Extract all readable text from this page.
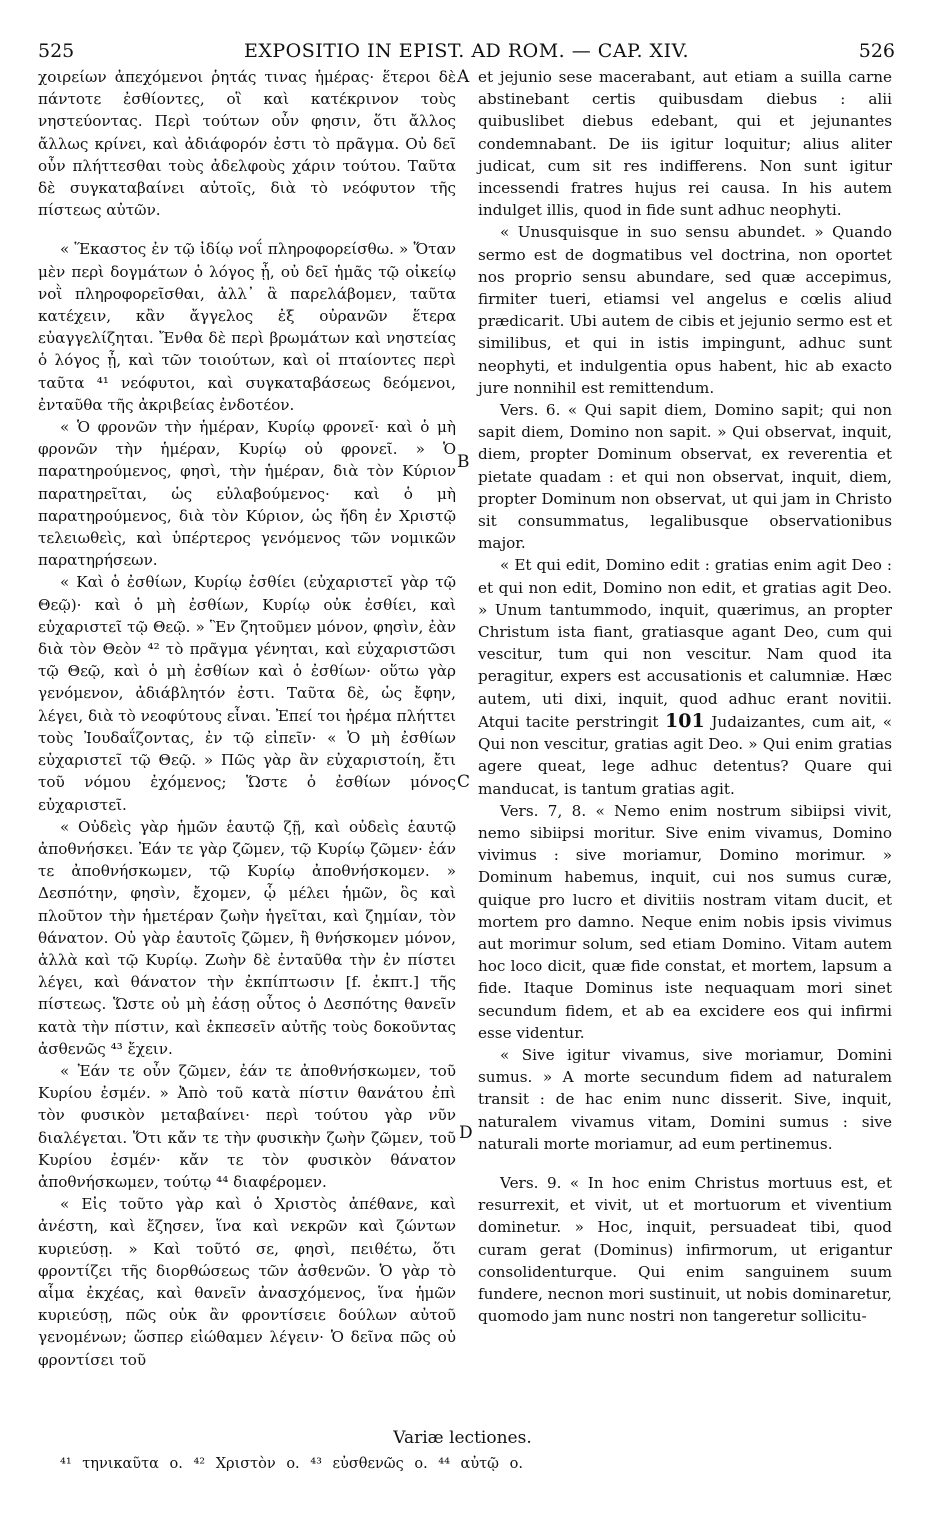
525	EXPOSITIO IN EPIST. AD ROM. — CAP. XIV.	526

χοιρείων ἀπεχόμενοι ῥητάς τινας ἡμέρας· ἕτεροι δὲ πάντοτε ἐσθίοντες, οἳ καὶ κατέκρινον τοὺς νηστεύοντας. Περὶ τούτων οὖν φησιν, ὅτι ἄλλος ἄλλως κρίνει, καὶ ἀδιάφορόν ἐστι τὸ πρᾶγμα. Οὐ δεῖ οὖν πλήττεσθαι τοὺς ἀδελφοὺς χάριν τούτου. Ταῦτα δὲ συγκαταβαίνει αὐτοῖς, διὰ τὸ νεόφυτον τῆς πίστεως αὐτῶν.

« Ἕκαστος ἐν τῷ ἰδίῳ νοΐ πληροφορείσθω. » Ὅταν μὲν περὶ δογμάτων ὁ λόγος ᾖ, οὐ δεῖ ἡμᾶς τῷ οἰκείῳ νοῒ πληροφορεῖσθαι, ἀλλ᾽ ἃ παρελάβομεν, ταῦτα κατέχειν, κἂν ἄγγελος ἐξ οὐρανῶν ἕτερα εὐαγγελίζηται. Ἔνθα δὲ περὶ βρωμάτων καὶ νηστείας ὁ λόγος ᾖ, καὶ τῶν τοιούτων, καὶ οἱ πταίοντες περὶ ταῦτα ⁴¹ νεόφυτοι, καὶ συγκαταβάσεως δεόμενοι, ἐνταῦθα τῆς ἀκριβείας ἐνδοτέον.

« Ὁ φρονῶν τὴν ἡμέραν, Κυρίῳ φρονεῖ· καὶ ὁ μὴ φρονῶν τὴν ἡμέραν, Κυρίῳ οὐ φρονεῖ. » Ὁ παρατηρούμενος, φησὶ, τὴν ἡμέραν, διὰ τὸν Κύριον παρατηρεῖται, ὡς εὐλαβούμενος· καὶ ὁ μὴ παρατηρούμενος, διὰ τὸν Κύριον, ὡς ἤδη ἐν Χριστῷ τελειωθεὶς, καὶ ὑπέρτερος γενόμενος τῶν νομικῶν παρατηρήσεων.

« Καὶ ὁ ἐσθίων, Κυρίῳ ἐσθίει (εὐχαριστεῖ γὰρ τῷ Θεῷ)· καὶ ὁ μὴ ἐσθίων, Κυρίῳ οὐκ ἐσθίει, καὶ εὐχαριστεῖ τῷ Θεῷ. » Ἓν ζητοῦμεν μόνον, φησὶν, ἐὰν διὰ τὸν Θεὸν ⁴² τὸ πρᾶγμα γένηται, καὶ εὐχαριστῶσι τῷ Θεῷ, καὶ ὁ μὴ ἐσθίων καὶ ὁ ἐσθίων· οὕτω γὰρ γενόμενον, ἀδιάβλητόν ἐστι. Ταῦτα δὲ, ὡς ἔφην, λέγει, διὰ τὸ νεοφύτους εἶναι. Ἐπεί τοι ἠρέμα πλήττει τοὺς Ἰουδαΐζοντας, ἐν τῷ εἰπεῖν· « Ὁ μὴ ἐσθίων εὐχαριστεῖ τῷ Θεῷ. » Πῶς γὰρ ἂν εὐχαριστοίη, ἔτι τοῦ νόμου ἐχόμενος; Ὥστε ὁ ἐσθίων μόνος εὐχαριστεῖ.

« Οὐδεὶς γὰρ ἡμῶν ἑαυτῷ ζῇ, καὶ οὐδεὶς ἑαυτῷ ἀποθνήσκει. Ἐάν τε γὰρ ζῶμεν, τῷ Κυρίῳ ζῶμεν· ἐάν τε ἀποθνήσκωμεν, τῷ Κυρίῳ ἀποθνήσκομεν. » Δεσπότην, φησὶν, ἔχομεν, ᾧ μέλει ἡμῶν, ὃς καὶ πλοῦτον τὴν ἡμετέραν ζωὴν ἡγεῖται, καὶ ζημίαν, τὸν θάνατον. Οὐ γὰρ ἑαυτοῖς ζῶμεν, ἢ θνήσκομεν μόνον, ἀλλὰ καὶ τῷ Κυρίῳ. Ζωὴν δὲ ἐνταῦθα τὴν ἐν πίστει λέγει, καὶ θάνατον τὴν ἐκπίπτωσιν [f. ἐκπτ.] τῆς πίστεως. Ὥστε οὐ μὴ ἐάσῃ οὗτος ὁ Δεσπότης θανεῖν κατὰ τὴν πίστιν, καὶ ἐκπεσεῖν αὐτῆς τοὺς δοκοῦντας ἀσθενῶς ⁴³ ἔχειν.

« Ἐάν τε οὖν ζῶμεν, ἐάν τε ἀποθνήσκωμεν, τοῦ Κυρίου ἐσμέν. » Ἀπὸ τοῦ κατὰ πίστιν θανάτου ἐπὶ τὸν φυσικὸν μεταβαίνει· περὶ τούτου γὰρ νῦν διαλέγεται. Ὅτι κἄν τε τὴν φυσικὴν ζωὴν ζῶμεν, τοῦ Κυρίου ἐσμέν· κἄν τε τὸν φυσικὸν θάνατον ἀποθνήσκωμεν, τούτῳ ⁴⁴ διαφέρομεν.

« Εἰς τοῦτο γὰρ καὶ ὁ Χριστὸς ἀπέθανε, καὶ ἀνέστη, καὶ ἔζησεν, ἵνα καὶ νεκρῶν καὶ ζώντων κυριεύσῃ. » Καὶ τοῦτό σε, φησὶ, πειθέτω, ὅτι φροντίζει τῆς διορθώσεως τῶν ἀσθενῶν. Ὁ γὰρ τὸ αἷμα ἐκχέας, καὶ θανεῖν ἀνασχόμενος, ἵνα ἡμῶν κυριεύσῃ, πῶς οὐκ ἂν φροντίσειε δούλων αὐτοῦ γενομένων; ὥσπερ εἰώθαμεν λέγειν· Ὁ δεῖνα πῶς οὐ φροντίσει τοῦ

A
B
C
D

et jejunio sese macerabant, aut etiam a suilla carne abstinebant certis quibusdam diebus : alii quibuslibet diebus edebant, qui et jejunantes condemnabant. De iis igitur loquitur; alius aliter judicat, cum sit res indifferens. Non sunt igitur incessendi fratres hujus rei causa. In his autem indulget illis, quod in fide sunt adhuc neophyti.

« Unusquisque in suo sensu abundet. » Quando sermo est de dogmatibus vel doctrina, non oportet nos proprio sensu abundare, sed quæ accepimus, firmiter tueri, etiamsi vel angelus e cœlis aliud prædicarit. Ubi autem de cibis et jejunio sermo est et similibus, et qui in istis impingunt, adhuc sunt neophyti, et indulgentia opus habent, hic ab exacto jure nonnihil est remittendum.

Vers. 6. « Qui sapit diem, Domino sapit; qui non sapit diem, Domino non sapit. » Qui observat, inquit, diem, propter Dominum observat, ex reverentia et pietate quadam : et qui non observat, inquit, diem, propter Dominum non observat, ut qui jam in Christo sit consummatus, legalibusque observationibus major.

« Et qui edit, Domino edit : gratias enim agit Deo : et qui non edit, Domino non edit, et gratias agit Deo. » Unum tantummodo, inquit, quærimus, an propter Christum ista fiant, gratiasque agant Deo, cum qui vescitur, tum qui non vescitur. Nam quod ita peragitur, expers est accusationis et calumniæ. Hæc autem, uti dixi, inquit, quod adhuc erant novitii. Atqui tacite perstringit 101 Judaizantes, cum ait, « Qui non vescitur, gratias agit Deo. » Qui enim gratias agere queat, lege adhuc detentus? Quare qui manducat, is tantum gratias agit.

Vers. 7, 8. « Nemo enim nostrum sibiipsi vivit, nemo sibiipsi moritur. Sive enim vivamus, Domino vivimus : sive moriamur, Domino morimur. » Dominum habemus, inquit, cui nos sumus curæ, quique pro lucro et divitiis nostram vitam ducit, et mortem pro damno. Neque enim nobis ipsis vivimus aut morimur solum, sed etiam Domino. Vitam autem hoc loco dicit, quæ fide constat, et mortem, lapsum a fide. Itaque Dominus iste nequaquam mori sinet secundum fidem, et ab ea excidere eos qui infirmi esse videntur.

« Sive igitur vivamus, sive moriamur, Domini sumus. » A morte secundum fidem ad naturalem transit : de hac enim nunc disserit. Sive, inquit, naturalem vivamus vitam, Domini sumus : sive naturali morte moriamur, ad eum pertinemus.

Vers. 9. « In hoc enim Christus mortuus est, et resurrexit, et vivit, ut et mortuorum et viventium dominetur. » Hoc, inquit, persuadeat tibi, quod curam gerat (Dominus) infirmorum, ut erigantur consolidenturque. Qui enim sanguinem suum fundere, necnon mori sustinuit, ut nobis dominaretur, quomodo jam nunc nostri non tangeretur sollicitu-

Variæ lectiones.
⁴¹ τηνικαῦτα ο. ⁴² Χριστὸν ο. ⁴³ εὐσθενῶς ο. ⁴⁴ αὐτῷ ο.
